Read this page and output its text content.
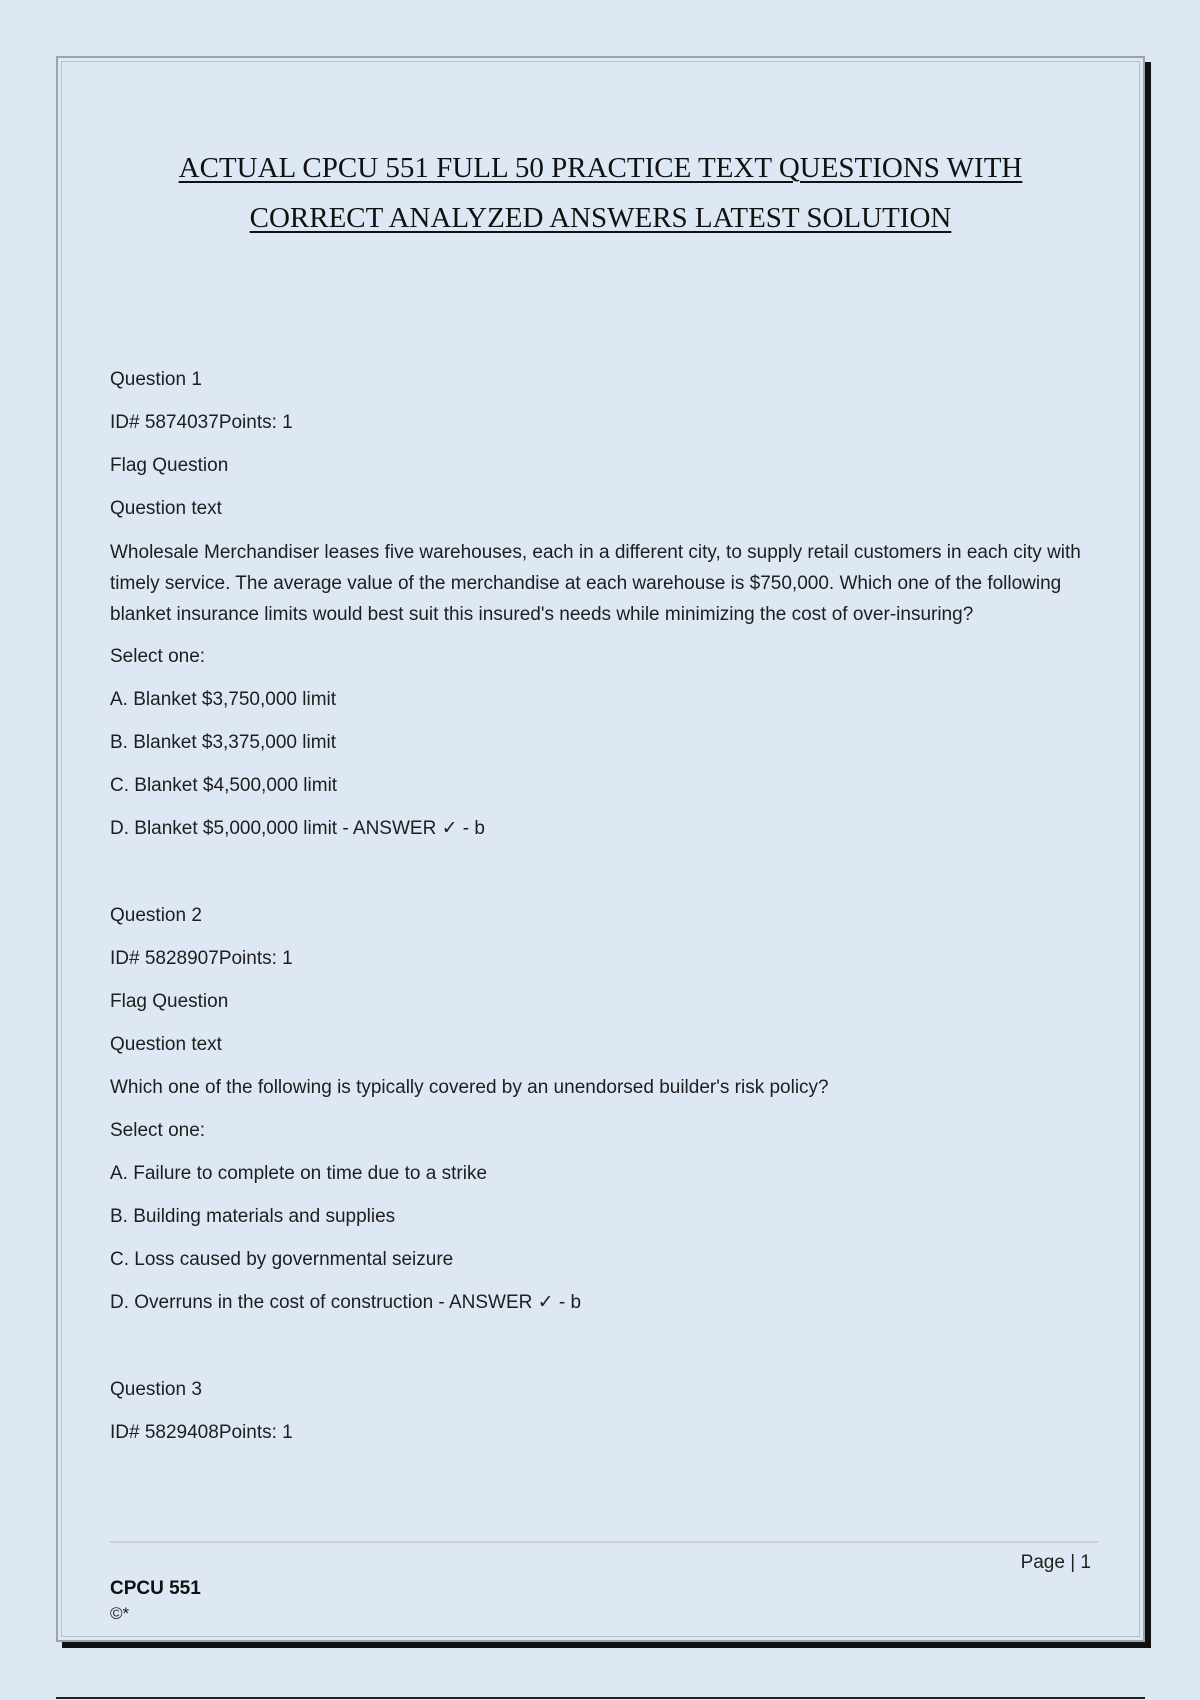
ACTUAL CPCU 551 FULL 50 PRACTICE TEXT QUESTIONS WITH
CORRECT ANALYZED ANSWERS LATEST SOLUTION
Question 1
ID# 5874037Points: 1
Flag Question
Question text
Wholesale Merchandiser leases five warehouses, each in a different city, to supply retail customers in each city with timely service. The average value of the merchandise at each warehouse is $750,000. Which one of the following blanket insurance limits would best suit this insured's needs while minimizing the cost of over-insuring?
Select one:
A. Blanket $3,750,000 limit
B. Blanket $3,375,000 limit
C. Blanket $4,500,000 limit
D. Blanket $5,000,000 limit - ANSWER ✓ - b
Question 2
ID# 5828907Points: 1
Flag Question
Question text
Which one of the following is typically covered by an unendorsed builder's risk policy?
Select one:
A. Failure to complete on time due to a strike
B. Building materials and supplies
C. Loss caused by governmental seizure
D. Overruns in the cost of construction - ANSWER ✓ - b
Question 3
ID# 5829408Points: 1
Page | 1
CPCU 551
©*
